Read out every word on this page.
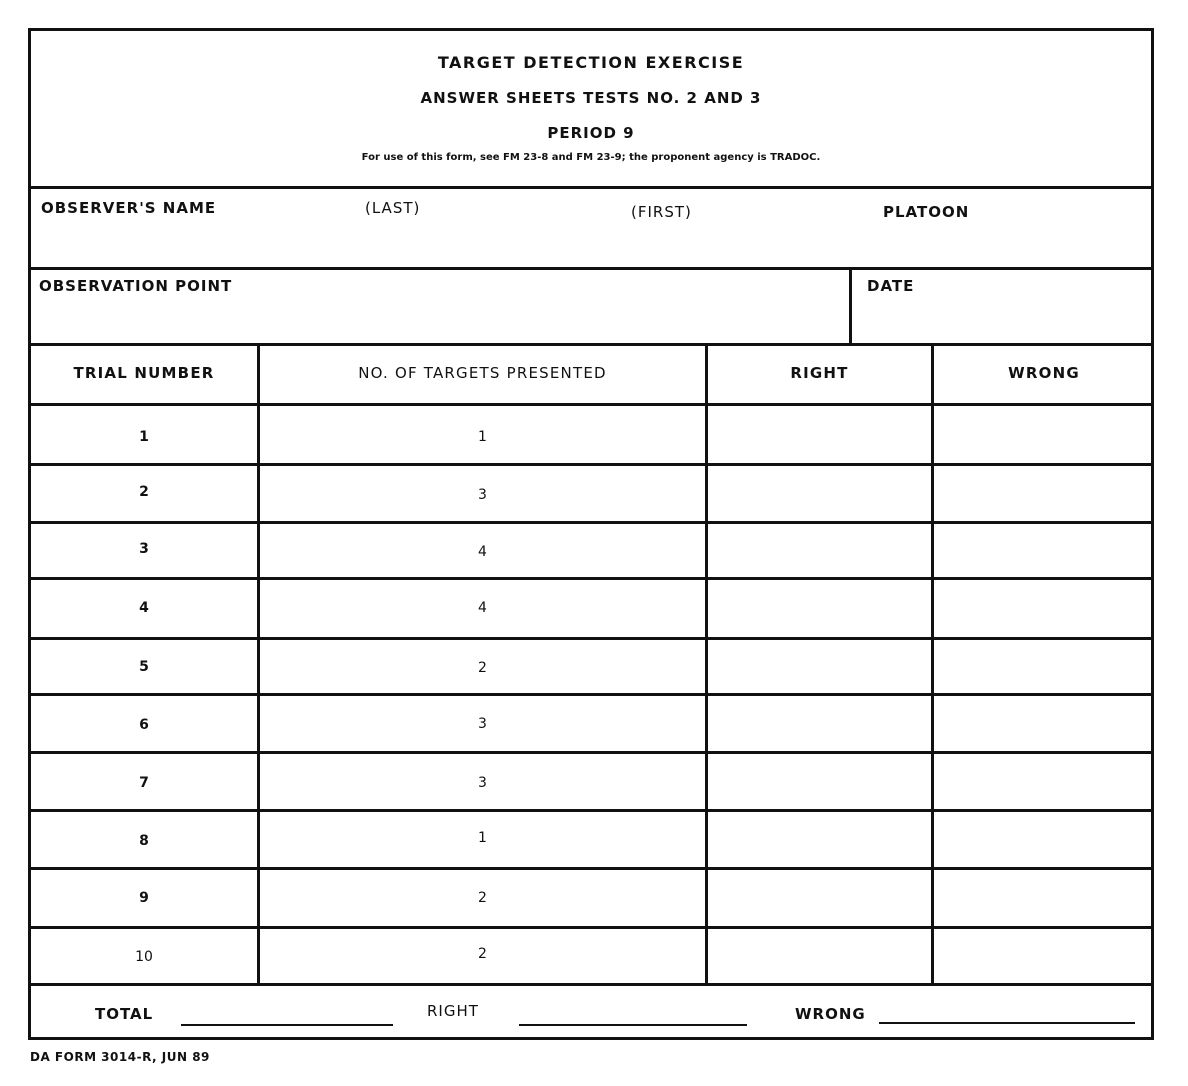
TARGET DETECTION EXERCISE
ANSWER SHEETS TESTS NO. 2 AND 3
PERIOD 9
For use of this form, see FM 23-8 and FM 23-9; the proponent agency is TRADOC.
OBSERVER'S NAME	(LAST)	(FIRST)	PLATOON
OBSERVATION POINT	DATE
TRIAL NUMBER	NO. OF TARGETS PRESENTED	RIGHT	WRONG
1	1
2	3
3	4
4	4
5	2
6	3
7	3
8	1
9	2
10	2
TOTAL	RIGHT	WRONG
DA FORM 3014-R, JUN 89
